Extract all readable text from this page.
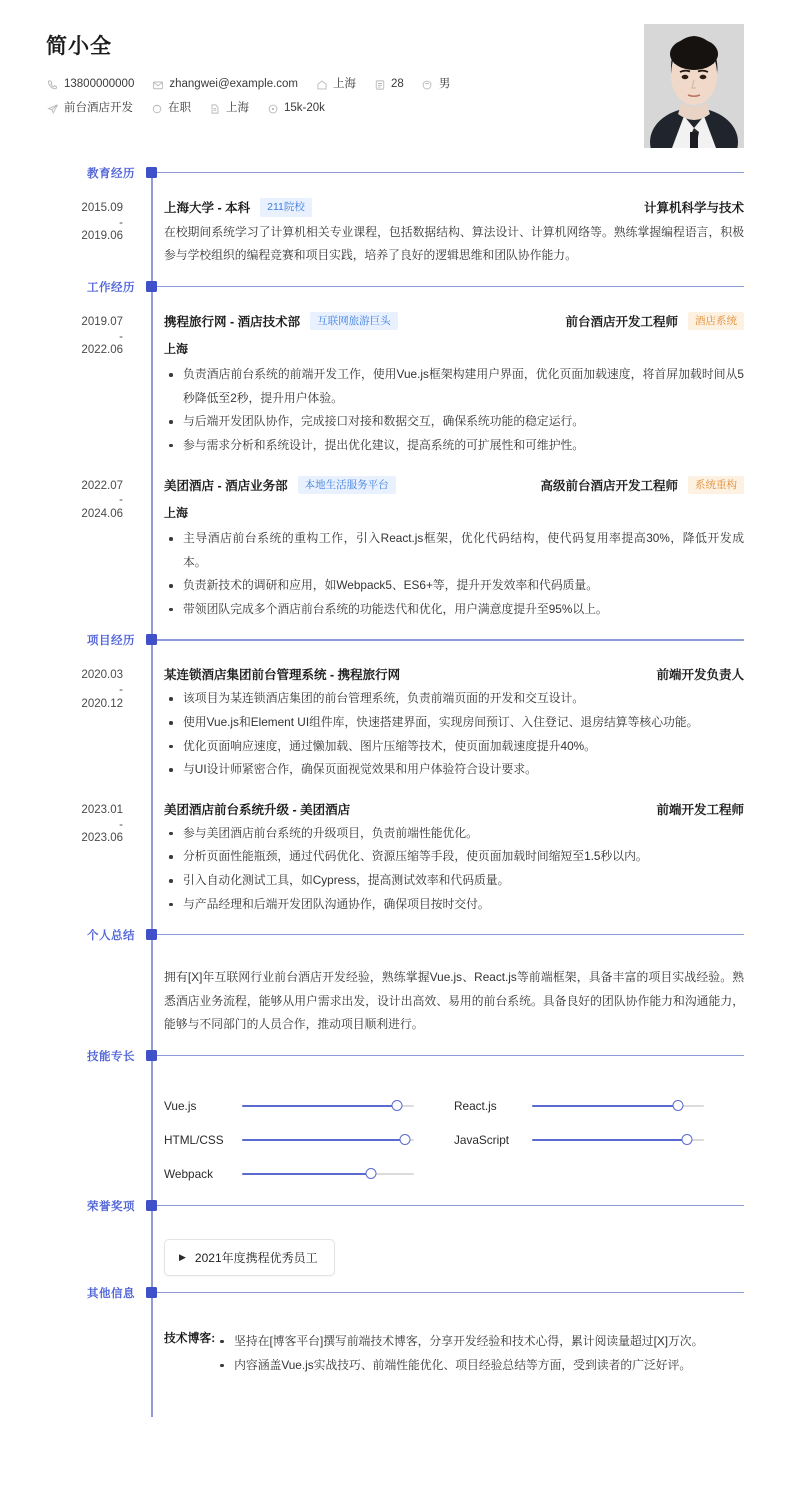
简小全
13800000000	zhangwei@example.com	上海	28	男
前台酒店开发	在职	上海	15k-20k
教育经历
2015.09
-
2019.06
上海大学 - 本科	211院校	计算机科学与技术
在校期间系统学习了计算机相关专业课程，包括数据结构、算法设计、计算机网络等。熟练掌握编程语言，积极参与学校组织的编程竞赛和项目实践，培养了良好的逻辑思维和团队协作能力。
工作经历
2019.07
-
2022.06
携程旅行网 - 酒店技术部	互联网旅游巨头	前台酒店开发工程师	酒店系统
上海
负责酒店前台系统的前端开发工作，使用Vue.js框架构建用户界面，优化页面加载速度，将首屏加载时间从5秒降低至2秒，提升用户体验。
与后端开发团队协作，完成接口对接和数据交互，确保系统功能的稳定运行。
参与需求分析和系统设计，提出优化建议，提高系统的可扩展性和可维护性。
2022.07
-
2024.06
美团酒店 - 酒店业务部	本地生活服务平台	高级前台酒店开发工程师	系统重构
上海
主导酒店前台系统的重构工作，引入React.js框架，优化代码结构，使代码复用率提高30%，降低开发成本。
负责新技术的调研和应用，如Webpack5、ES6+等，提升开发效率和代码质量。
带领团队完成多个酒店前台系统的功能迭代和优化，用户满意度提升至95%以上。
项目经历
2020.03
-
2020.12
某连锁酒店集团前台管理系统 - 携程旅行网	前端开发负责人
该项目为某连锁酒店集团的前台管理系统，负责前端页面的开发和交互设计。
使用Vue.js和Element UI组件库，快速搭建界面，实现房间预订、入住登记、退房结算等核心功能。
优化页面响应速度，通过懒加载、图片压缩等技术，使页面加载速度提升40%。
与UI设计师紧密合作，确保页面视觉效果和用户体验符合设计要求。
2023.01
-
2023.06
美团酒店前台系统升级 - 美团酒店	前端开发工程师
参与美团酒店前台系统的升级项目，负责前端性能优化。
分析页面性能瓶颈，通过代码优化、资源压缩等手段，使页面加载时间缩短至1.5秒以内。
引入自动化测试工具，如Cypress，提高测试效率和代码质量。
与产品经理和后端开发团队沟通协作，确保项目按时交付。
个人总结
拥有[X]年互联网行业前台酒店开发经验，熟练掌握Vue.js、React.js等前端框架，具备丰富的项目实战经验。熟悉酒店业务流程，能够从用户需求出发，设计出高效、易用的前台系统。具备良好的团队协作能力和沟通能力，能够与不同部门的人员合作，推动项目顺利进行。
技能专长
Vue.js	React.js
HTML/CSS	JavaScript
Webpack
荣誉奖项
▶ 2021年度携程优秀员工
其他信息
技术博客:	坚持在[博客平台]撰写前端技术博客，分享开发经验和技术心得，累计阅读量超过[X]万次。
内容涵盖Vue.js实战技巧、前端性能优化、项目经验总结等方面，受到读者的广泛好评。
